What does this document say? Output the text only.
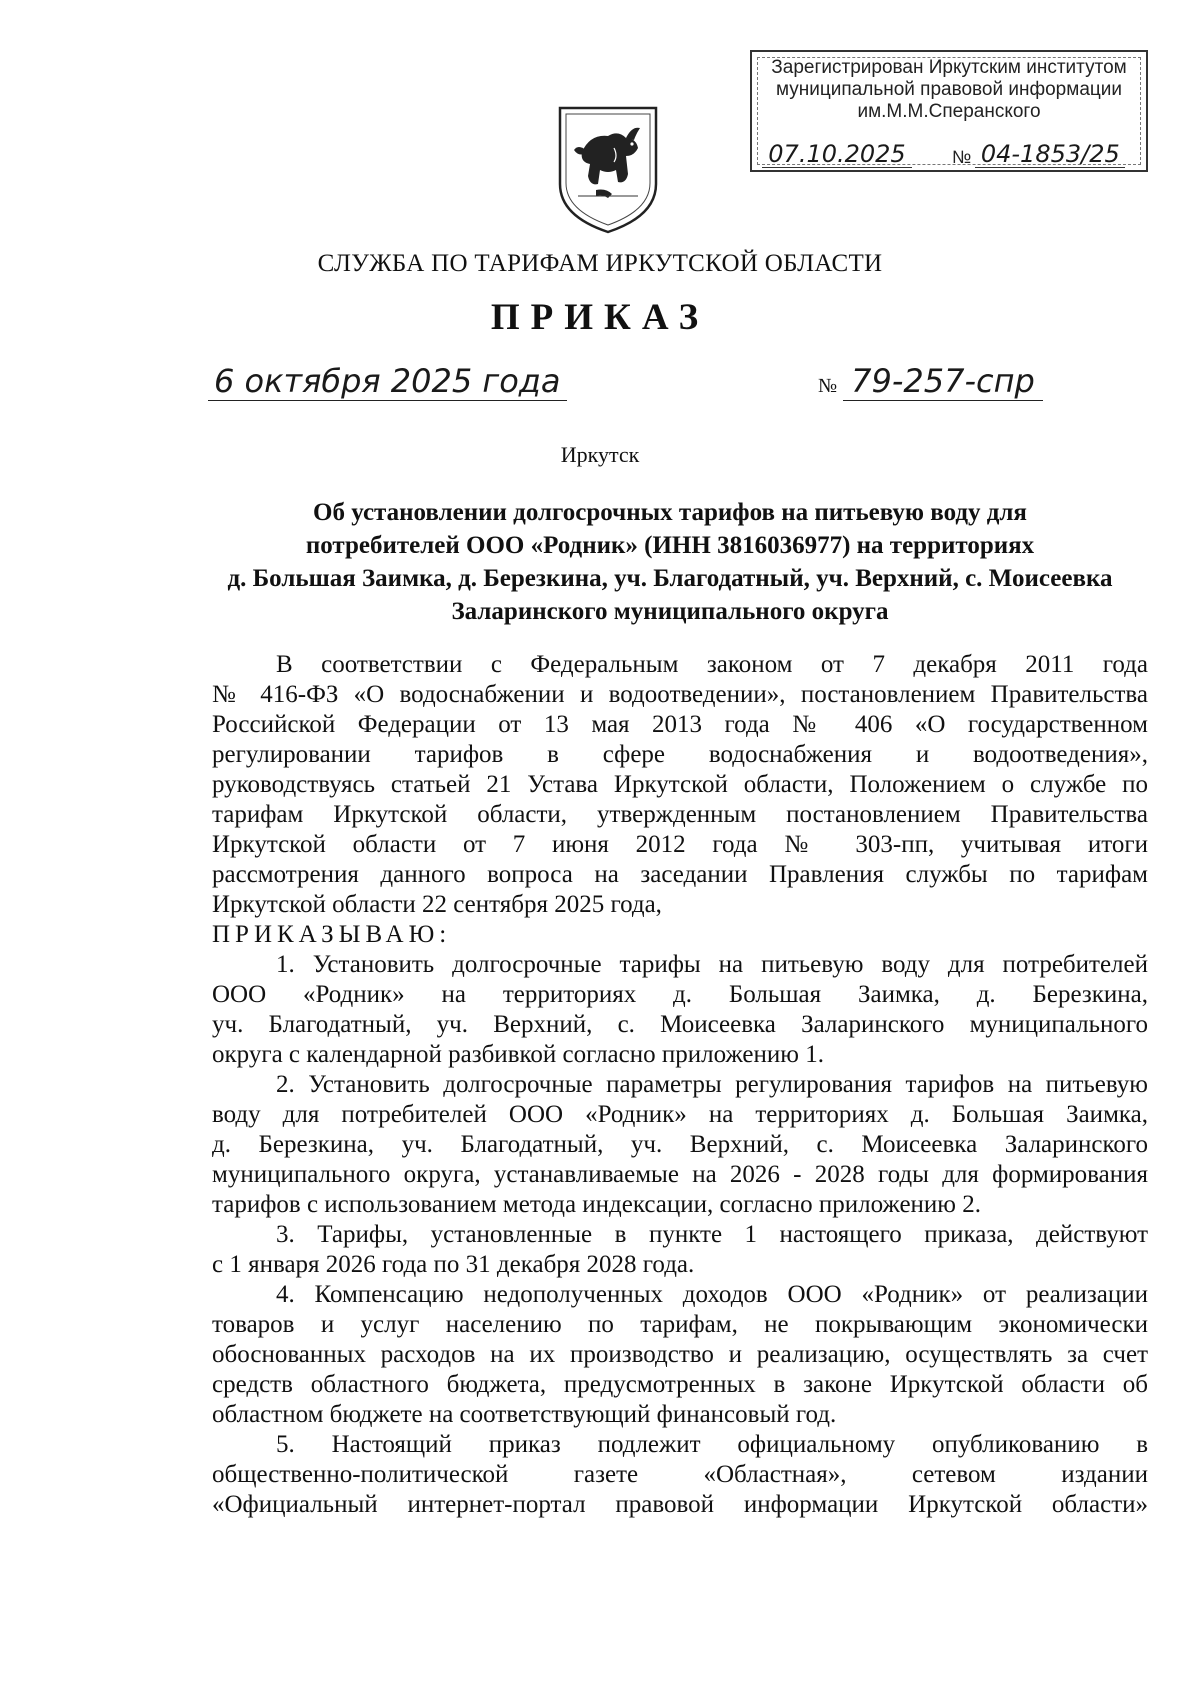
Зарегистрирован Иркутским институтом
муниципальной правовой информации
им.М.М.Сперанского
07.10.2025	№ 04-1853/25
СЛУЖБА ПО ТАРИФАМ ИРКУТСКОЙ ОБЛАСТИ
ПРИКАЗ
6 октября 2025 года	№ 79-257-спр
Иркутск
Об установлении долгосрочных тарифов на питьевую воду для
потребителей ООО «Родник» (ИНН 3816036977) на территориях
д. Большая Заимка, д. Березкина, уч. Благодатный, уч. Верхний, с. Моисеевка
Заларинского муниципального округа

В соответствии с Федеральным законом от 7 декабря 2011 года

№ 416-ФЗ «О водоснабжении и водоотведении», постановлением Правительства

Российской Федерации от 13 мая 2013 года № 406 «О государственном

регулировании тарифов в сфере водоснабжения и водоотведения»,

руководствуясь статьей 21 Устава Иркутской области, Положением о службе по

тарифам Иркутской области, утвержденным постановлением Правительства

Иркутской области от 7 июня 2012 года № 303-пп, учитывая итоги

рассмотрения данного вопроса на заседании Правления службы по тарифам

Иркутской области 22 сентября 2025 года,

ПРИКАЗЫВАЮ:

1. Установить долгосрочные тарифы на питьевую воду для потребителей

ООО «Родник» на территориях д. Большая Заимка, д. Березкина,

уч. Благодатный, уч. Верхний, с. Моисеевка Заларинского муниципального

округа с календарной разбивкой согласно приложению 1.

2. Установить долгосрочные параметры регулирования тарифов на питьевую

воду для потребителей ООО «Родник» на территориях д. Большая Заимка,

д. Березкина, уч. Благодатный, уч. Верхний, с. Моисеевка Заларинского

муниципального округа, устанавливаемые на 2026 - 2028 годы для формирования

тарифов с использованием метода индексации, согласно приложению 2.

3. Тарифы, установленные в пункте 1 настоящего приказа, действуют

с 1 января 2026 года по 31 декабря 2028 года.

4. Компенсацию недополученных доходов ООО «Родник» от реализации

товаров и услуг населению по тарифам, не покрывающим экономически

обоснованных расходов на их производство и реализацию, осуществлять за счет

средств областного бюджета, предусмотренных в законе Иркутской области об

областном бюджете на соответствующий финансовый год.

5. Настоящий приказ подлежит официальному опубликованию в

общественно-политической газете «Областная», сетевом издании

«Официальный интернет-портал правовой информации Иркутской области»
